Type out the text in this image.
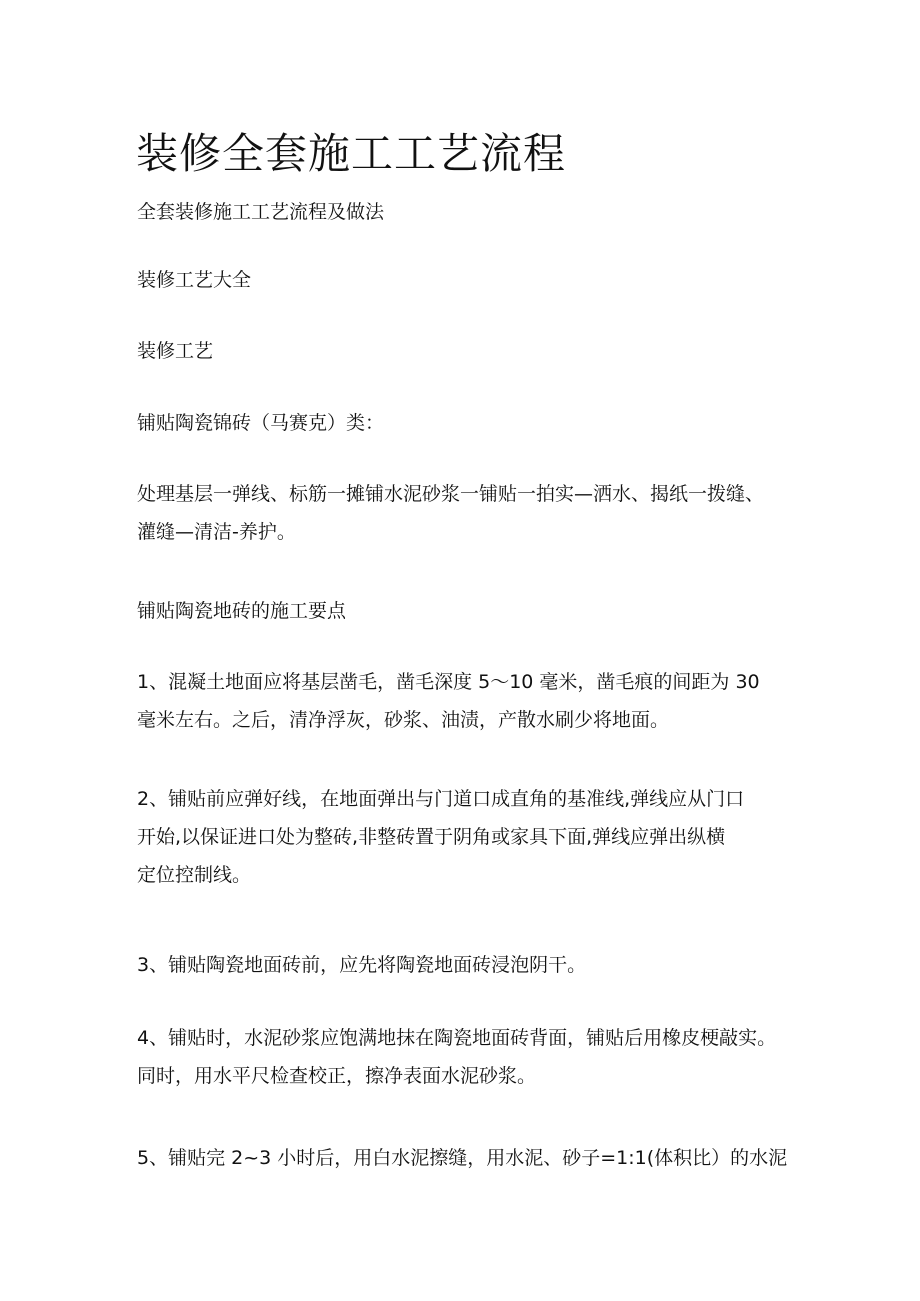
装修全套施工工艺流程

全套装修施工工艺流程及做法

装修工艺大全

装修工艺

铺贴陶瓷锦砖（马赛克）类：

处理基层一弹线、标筋一摊铺水泥砂浆一铺贴一拍实—洒水、揭纸一拨缝、
灌缝—清洁-养护。

铺贴陶瓷地砖的施工要点

1、混凝土地面应将基层凿毛，凿毛深度 5～10 毫米，凿毛痕的间距为 30
毫米左右。之后，清净浮灰，砂浆、油渍，产散水刷少将地面。

2、铺贴前应弹好线，在地面弹出与门道口成直角的基准线,弹线应从门口
开始,以保证进口处为整砖,非整砖置于阴角或家具下面,弹线应弹出纵横
定位控制线。

3、铺贴陶瓷地面砖前，应先将陶瓷地面砖浸泡阴干。

4、铺贴时，水泥砂浆应饱满地抹在陶瓷地面砖背面，铺贴后用橡皮梗敲实。
同时，用水平尺检查校正，擦净表面水泥砂浆。

5、铺贴完 2~3 小时后，用白水泥擦缝，用水泥、砂子=1:1(体积比）的水泥
